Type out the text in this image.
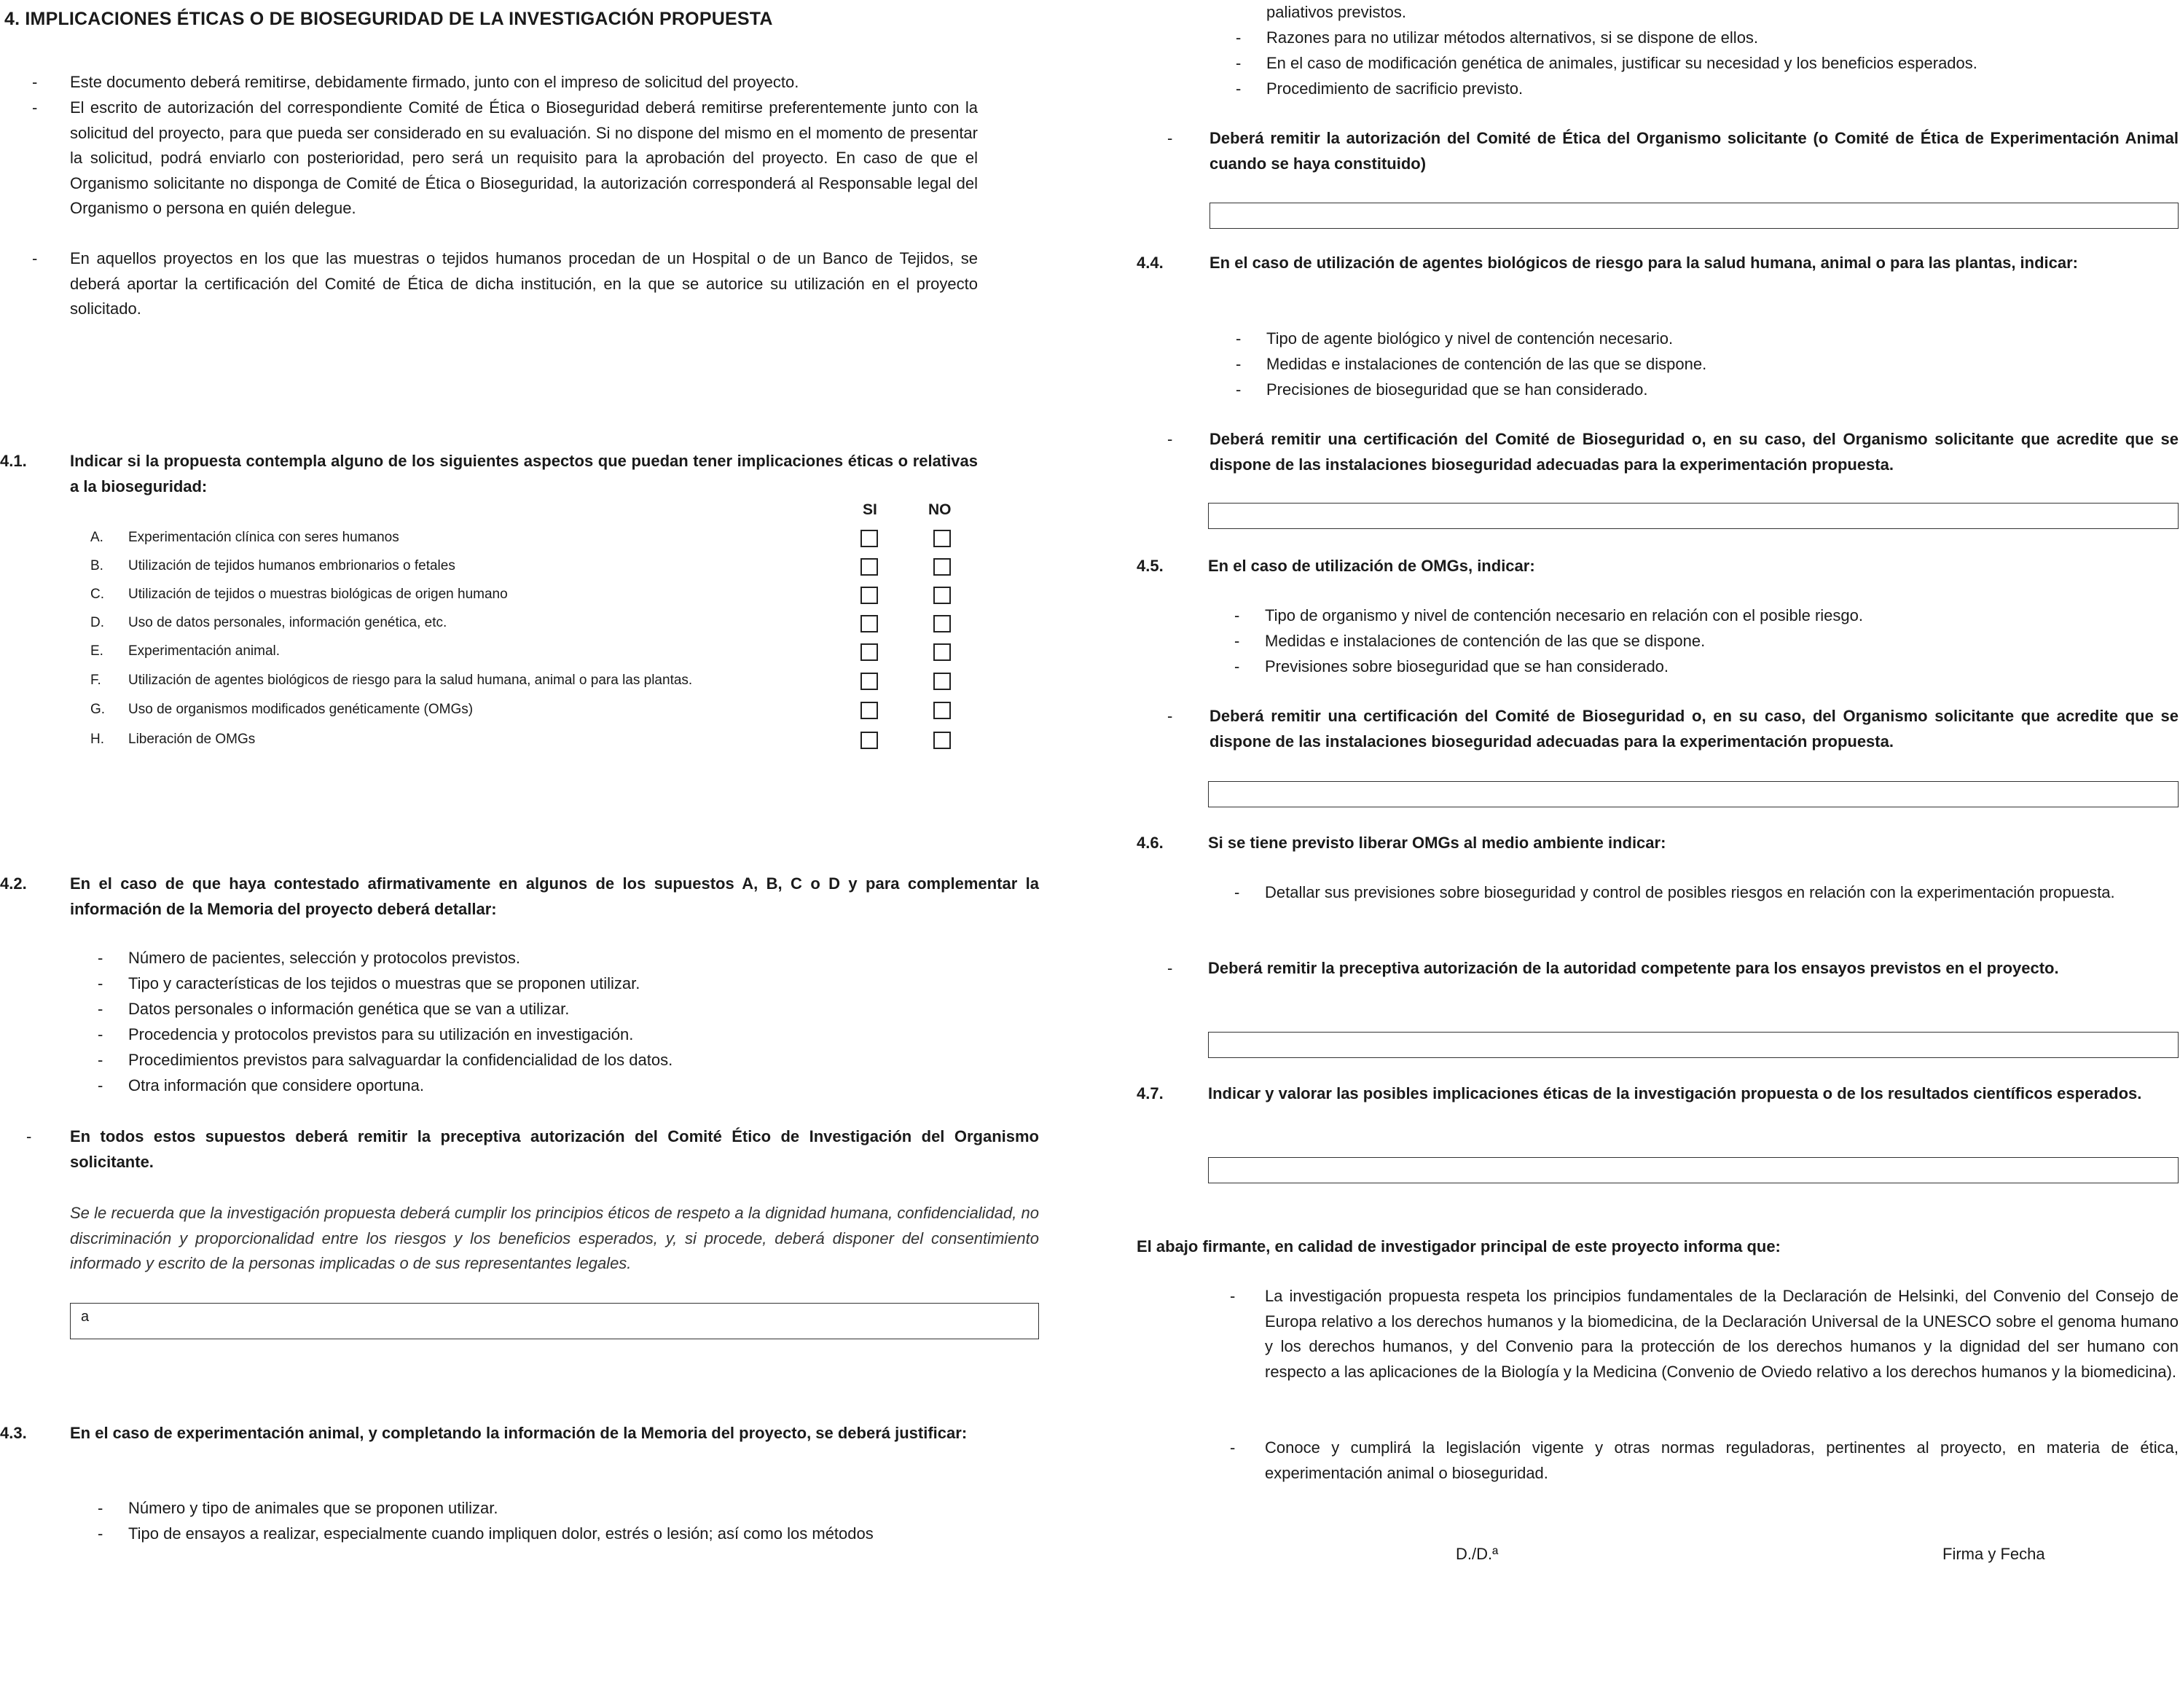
4. IMPLICACIONES ÉTICAS O DE BIOSEGURIDAD DE LA INVESTIGACIÓN PROPUESTA
- Este documento deberá remitirse, debidamente firmado, junto con el impreso de solicitud del proyecto.
- El escrito de autorización del correspondiente Comité de Ética o Bioseguridad deberá remitirse preferentemente junto con la solicitud del proyecto, para que pueda ser considerado en su evaluación. Si no dispone del mismo en el momento de presentar la solicitud, podrá enviarlo con posterioridad, pero será un requisito para la aprobación del proyecto. En caso de que el Organismo solicitante no disponga de Comité de Ética o Bioseguridad, la autorización corresponderá al Responsable legal del Organismo o persona en quién delegue.
- En aquellos proyectos en los que las muestras o tejidos humanos procedan de un Hospital o de un Banco de Tejidos, se deberá aportar la certificación del Comité de Ética de dicha institución, en la que se autorice su utilización en el proyecto solicitado.
4.1.	Indicar si la propuesta contempla alguno de los siguientes aspectos que puedan tener implicaciones éticas o relativas a la bioseguridad:
SI	NO
A. Experimentación clínica con seres humanos
B. Utilización de tejidos humanos embrionarios o fetales
C. Utilización de tejidos o muestras biológicas de origen humano
D. Uso de datos personales, información genética, etc.
E. Experimentación animal.
F. Utilización de agentes biológicos de riesgo para la salud humana, animal o para las plantas.
G. Uso de organismos modificados genéticamente (OMGs)
H. Liberación de OMGs
4.2.	En el caso de que haya contestado afirmativamente en algunos de los supuestos A, B, C o D y para complementar la información de la Memoria del proyecto deberá detallar:
- Número de pacientes, selección y protocolos previstos.
- Tipo y características de los tejidos o muestras que se proponen utilizar.
- Datos personales o información genética que se van a utilizar.
- Procedencia y protocolos previstos para su utilización en investigación.
- Procedimientos previstos para salvaguardar la confidencialidad de los datos.
- Otra información que considere oportuna.
- En todos estos supuestos deberá remitir la preceptiva autorización del Comité Ético de Investigación del Organismo solicitante.
Se le recuerda que la investigación propuesta deberá cumplir los principios éticos de respeto a la dignidad humana, confidencialidad, no discriminación y proporcionalidad entre los riesgos y los beneficios esperados, y, si procede, deberá disponer del consentimiento informado y escrito de la personas implicadas o de sus representantes legales.
a
4.3.	En el caso de experimentación animal, y completando la información de la Memoria del proyecto, se deberá justificar:
- Número y tipo de animales que se proponen utilizar.
- Tipo de ensayos a realizar, especialmente cuando impliquen dolor, estrés o lesión; así como los métodos
paliativos previstos.
- Razones para no utilizar métodos alternativos, si se dispone de ellos.
- En el caso de modificación genética de animales, justificar su necesidad y los beneficios esperados.
- Procedimiento de sacrificio previsto.
- Deberá remitir la autorización del Comité de Ética del Organismo solicitante (o Comité de Ética de Experimentación Animal cuando se haya constituido)
4.4.	En el caso de utilización de agentes biológicos de riesgo para la salud humana, animal o para las plantas, indicar:
- Tipo de agente biológico y nivel de contención necesario.
- Medidas e instalaciones de contención de las que se dispone.
- Precisiones de bioseguridad que se han considerado.
- Deberá remitir una certificación del Comité de Bioseguridad o, en su caso, del Organismo solicitante que acredite que se dispone de las instalaciones bioseguridad adecuadas para la experimentación propuesta.
4.5.	En el caso de utilización de OMGs, indicar:
- Tipo de organismo y nivel de contención necesario en relación con el posible riesgo.
- Medidas e instalaciones de contención de las que se dispone.
- Previsiones sobre bioseguridad que se han considerado.
- Deberá remitir una certificación del Comité de Bioseguridad o, en su caso, del Organismo solicitante que acredite que se dispone de las instalaciones bioseguridad adecuadas para la experimentación propuesta.
4.6.	Si se tiene previsto liberar OMGs al medio ambiente indicar:
- Detallar sus previsiones sobre bioseguridad y control de posibles riesgos en relación con la experimentación propuesta.
- Deberá remitir la preceptiva autorización de la autoridad competente para los ensayos previstos en el proyecto.
4.7.	Indicar y valorar las posibles implicaciones éticas de la investigación propuesta o de los resultados científicos esperados.
El abajo firmante, en calidad de investigador principal de este proyecto informa que:
- La investigación propuesta respeta los principios fundamentales de la Declaración de Helsinki, del Convenio del Consejo de Europa relativo a los derechos humanos y la biomedicina, de la Declaración Universal de la UNESCO sobre el genoma humano y los derechos humanos, y del Convenio para la protección de los derechos humanos y la dignidad del ser humano con respecto a las aplicaciones de la Biología y la Medicina (Convenio de Oviedo relativo a los derechos humanos y la biomedicina).
- Conoce y cumplirá la legislación vigente y otras normas reguladoras, pertinentes al proyecto, en materia de ética, experimentación animal o bioseguridad.
D./D.ª	Firma y Fecha
